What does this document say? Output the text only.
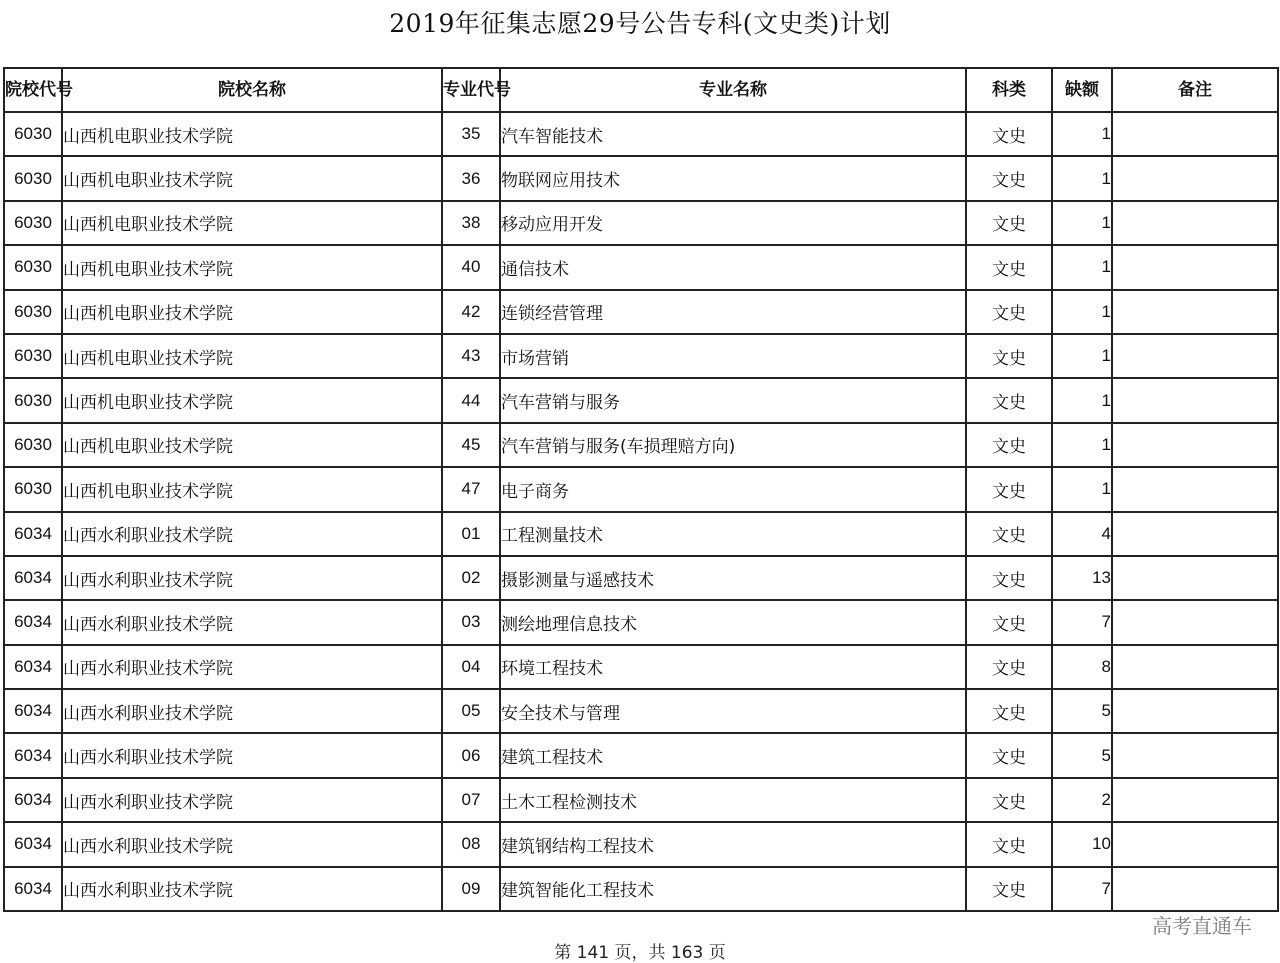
2019年征集志愿29号公告专科(文史类)计划
院校代号	院校名称	专业代号	专业名称	科类	缺额	备注
6030	山西机电职业技术学院	35	汽车智能技术	文史	1	
6030	山西机电职业技术学院	36	物联网应用技术	文史	1	
6030	山西机电职业技术学院	38	移动应用开发	文史	1	
6030	山西机电职业技术学院	40	通信技术	文史	1	
6030	山西机电职业技术学院	42	连锁经营管理	文史	1	
6030	山西机电职业技术学院	43	市场营销	文史	1	
6030	山西机电职业技术学院	44	汽车营销与服务	文史	1	
6030	山西机电职业技术学院	45	汽车营销与服务(车损理赔方向)	文史	1	
6030	山西机电职业技术学院	47	电子商务	文史	1	
6034	山西水利职业技术学院	01	工程测量技术	文史	4	
6034	山西水利职业技术学院	02	摄影测量与遥感技术	文史	13	
6034	山西水利职业技术学院	03	测绘地理信息技术	文史	7	
6034	山西水利职业技术学院	04	环境工程技术	文史	8	
6034	山西水利职业技术学院	05	安全技术与管理	文史	5	
6034	山西水利职业技术学院	06	建筑工程技术	文史	5	
6034	山西水利职业技术学院	07	土木工程检测技术	文史	2	
6034	山西水利职业技术学院	08	建筑钢结构工程技术	文史	10	
6034	山西水利职业技术学院	09	建筑智能化工程技术	文史	7	
高考直通车
第 141 页，共 163 页
